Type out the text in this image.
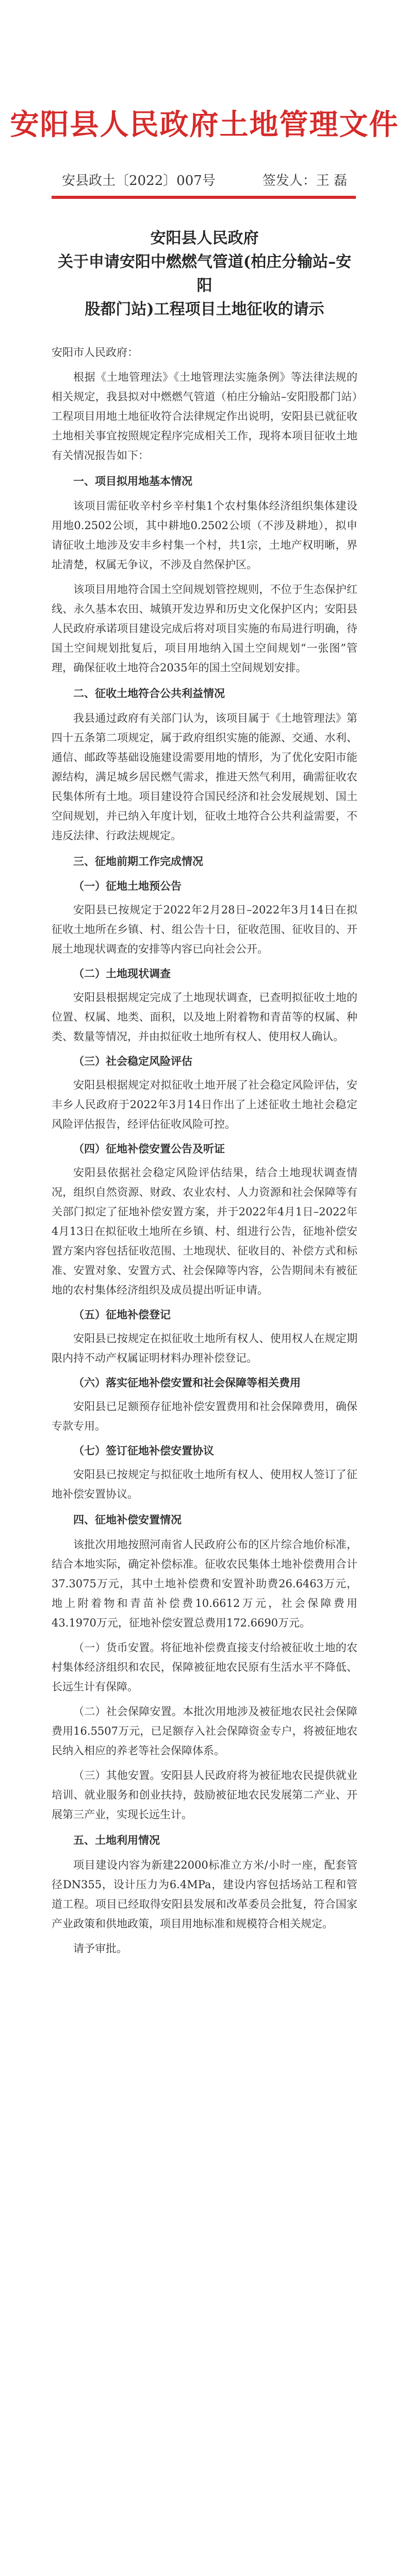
安阳县人民政府土地管理文件
安县政土〔2022〕007号	签发人：王 磊
安阳县人民政府
关于申请安阳中燃燃气管道(柏庄分输站–安阳
股都门站)工程项目土地征收的请示

安阳市人民政府：

根据《土地管理法》《土地管理法实施条例》等法律法规的相关规定，我县拟对中燃燃气管道（柏庄分输站–安阳股都门站）工程项目用地土地征收符合法律规定作出说明，安阳县已就征收土地相关事宜按照规定程序完成相关工作，现将本项目征收土地有关情况报告如下：

一、项目拟用地基本情况

该项目需征收辛村乡辛村集1个农村集体经济组织集体建设用地0.2502公顷，其中耕地0.2502公顷（不涉及耕地），拟申请征收土地涉及安丰乡村集一个村，共1宗，土地产权明晰，界址清楚，权属无争议，不涉及自然保护区。

该项目用地符合国土空间规划管控规则，不位于生态保护红线、永久基本农田、城镇开发边界和历史文化保护区内；安阳县人民政府承诺项目建设完成后将对项目实施的布局进行明确，待国土空间规划批复后，项目用地纳入国土空间规划“一张图”管理，确保征收土地符合2035年的国土空间规划安排。

二、征收土地符合公共利益情况

我县通过政府有关部门认为，该项目属于《土地管理法》第四十五条第二项规定，属于政府组织实施的能源、交通、水利、通信、邮政等基础设施建设需要用地的情形，为了优化安阳市能源结构，满足城乡居民燃气需求，推进天然气利用，确需征收农民集体所有土地。项目建设符合国民经济和社会发展规划、国土空间规划，并已纳入年度计划，征收土地符合公共利益需要，不违反法律、行政法规规定。

三、征地前期工作完成情况
（一）征地土地预公告

安阳县已按规定于2022年2月28日–2022年3月14日在拟征收土地所在乡镇、村、组公告十日，征收范围、征收目的、开展土地现状调查的安排等内容已向社会公开。

（二）土地现状调查

安阳县根据规定完成了土地现状调查，已查明拟征收土地的位置、权属、地类、面积，以及地上附着物和青苗等的权属、种类、数量等情况，并由拟征收土地所有权人、使用权人确认。

（三）社会稳定风险评估

安阳县根据规定对拟征收土地开展了社会稳定风险评估，安丰乡人民政府于2022年3月14日作出了上述征收土地社会稳定风险评估报告，经评估征收风险可控。

（四）征地补偿安置公告及听证

安阳县依据社会稳定风险评估结果，结合土地现状调查情况，组织自然资源、财政、农业农村、人力资源和社会保障等有关部门拟定了征地补偿安置方案，并于2022年4月1日–2022年4月13日在拟征收土地所在乡镇、村、组进行公告，征地补偿安置方案内容包括征收范围、土地现状、征收目的、补偿方式和标准、安置对象、安置方式、社会保障等内容，公告期间未有被征地的农村集体经济组织及成员提出听证申请。

（五）征地补偿登记

安阳县已按规定在拟征收土地所有权人、使用权人在规定期限内持不动产权属证明材料办理补偿登记。

（六）落实征地补偿安置和社会保障等相关费用

安阳县已足额预存征地补偿安置费用和社会保障费用，确保专款专用。

（七）签订征地补偿安置协议

安阳县已按规定与拟征收土地所有权人、使用权人签订了征地补偿安置协议。

四、征地补偿安置情况

该批次用地按照河南省人民政府公布的区片综合地价标准，结合本地实际，确定补偿标准。征收农民集体土地补偿费用合计37.3075万元，其中土地补偿费和安置补助费26.6463万元，地上附着物和青苗补偿费10.6612万元，社会保障费用43.1970万元，征地补偿安置总费用172.6690万元。

（一）货币安置。将征地补偿费直接支付给被征收土地的农村集体经济组织和农民，保障被征地农民原有生活水平不降低、长远生计有保障。

（二）社会保障安置。本批次用地涉及被征地农民社会保障费用16.5507万元，已足额存入社会保障资金专户，将被征地农民纳入相应的养老等社会保障体系。

（三）其他安置。安阳县人民政府将为被征地农民提供就业培训、就业服务和创业扶持，鼓励被征地农民发展第二产业、开展第三产业，实现长远生计。

五、土地利用情况

项目建设内容为新建22000标准立方米/小时一座，配套管径DN355，设计压力为6.4MPa，建设内容包括场站工程和管道工程。项目已经取得安阳县发展和改革委员会批复，符合国家产业政策和供地政策，项目用地标准和规模符合相关规定。

请予审批。
